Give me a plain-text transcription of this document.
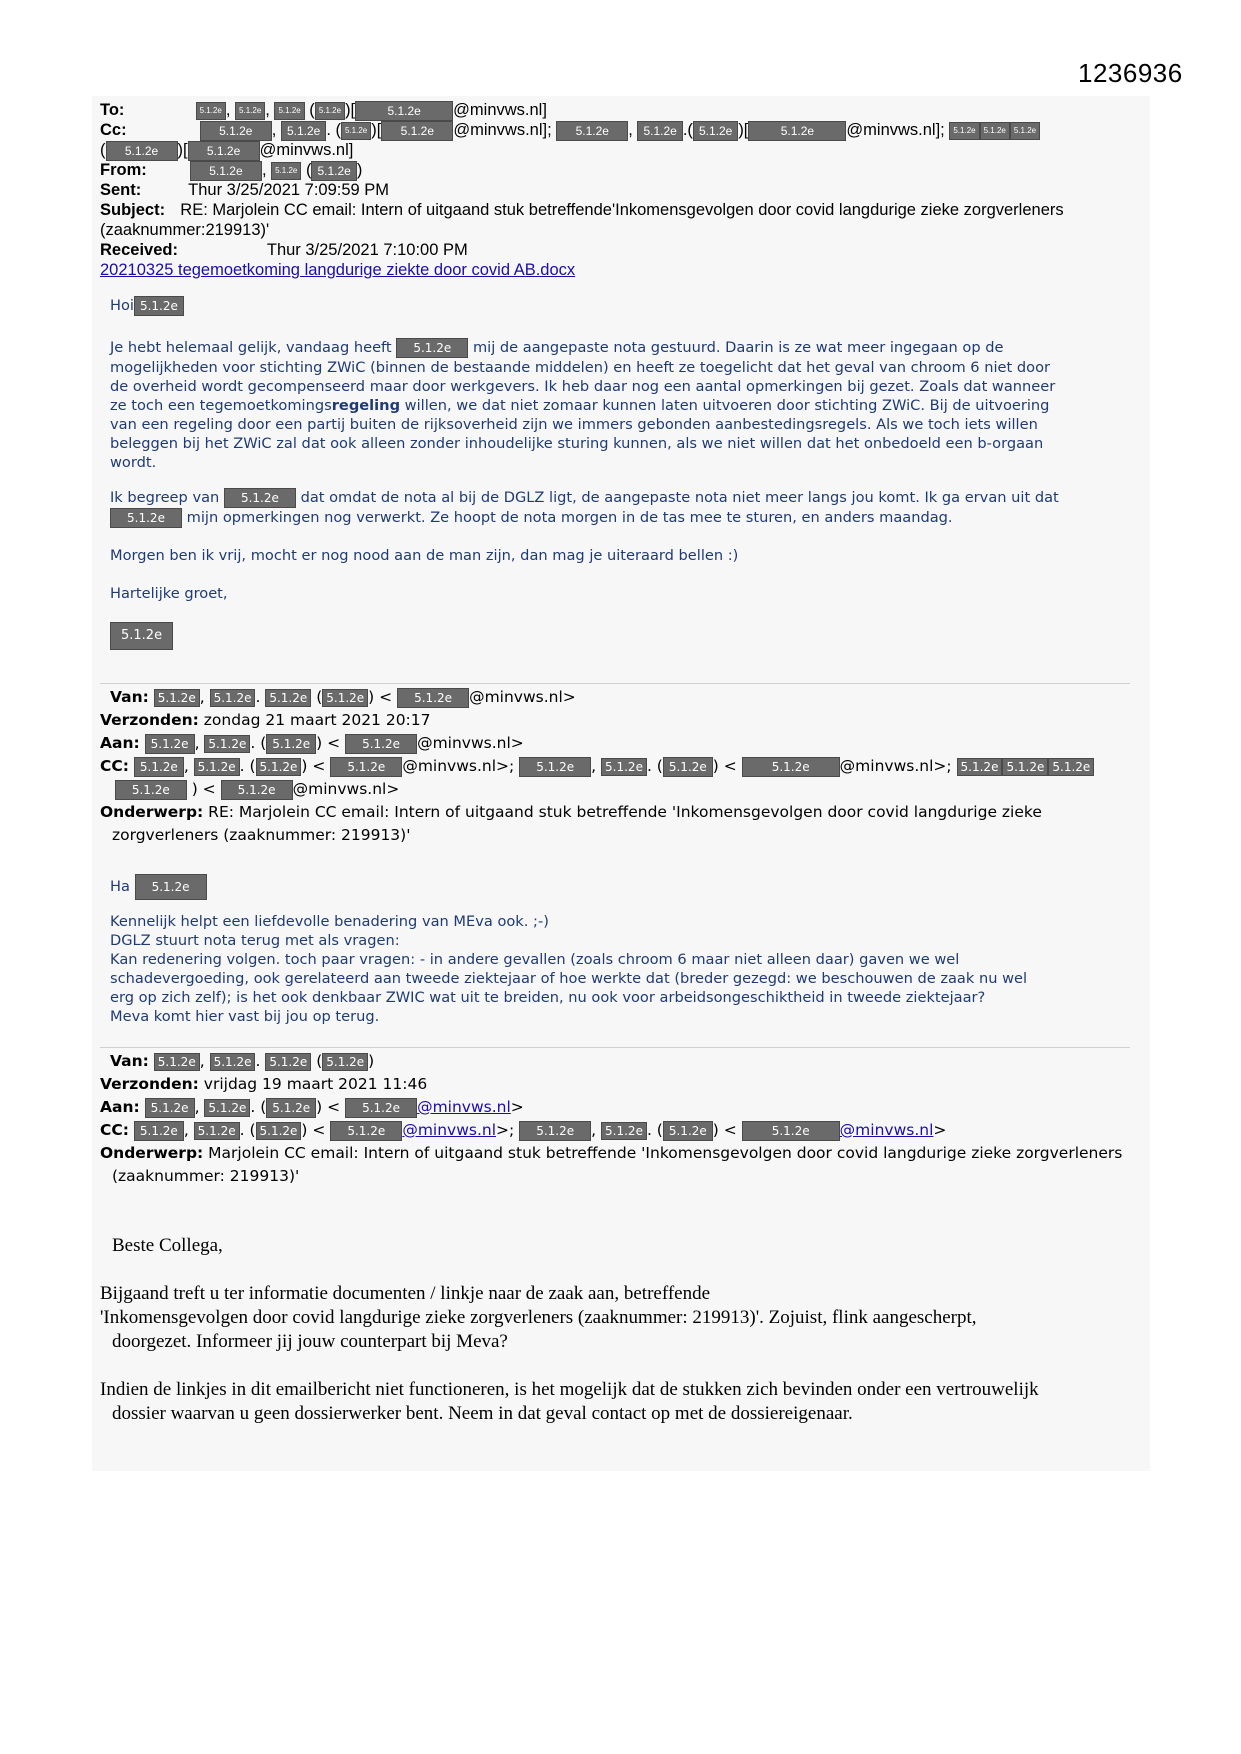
1236936
To:	5.1.2e , 5.1.2e , 5.1.2e ( 5.1.2e )[	5.1.2e @minvws.nl]
Cc:	5.1.2e , 5.1.2e . ( 5.1.2e )[ 5.1.2e @minvws.nl]; 5.1.2e , 5.1.2e .( 5.1.2e )[	5.1.2e @minvws.nl]; 5.1.2e 5.1.2e 5.1.2e
( 5.1.2e )[ 5.1.2e @minvws.nl]
From:	5.1.2e , 5.1.2e ( 5.1.2e )
Sent:	Thur 3/25/2021 7:09:59 PM
Subject: RE: Marjolein CC email: Intern of uitgaand stuk betreffende'Inkomensgevolgen door covid langdurige zieke zorgverleners
(zaaknummer:219913)'
Received:	Thur 3/25/2021 7:10:00 PM
20210325 tegemoetkoming langdurige ziekte door covid AB.docx
Hoi 5.1.2e

Je hebt helemaal gelijk, vandaag heeft 5.1.2e mij de aangepaste nota gestuurd. Daarin is ze wat meer ingegaan op de

mogelijkheden voor stichting ZWiC (binnen de bestaande middelen) en heeft ze toegelicht dat het geval van chroom 6 niet door

de overheid wordt gecompenseerd maar door werkgevers. Ik heb daar nog een aantal opmerkingen bij gezet. Zoals dat wanneer

ze toch een tegemoetkomingsregeling willen, we dat niet zomaar kunnen laten uitvoeren door stichting ZWiC. Bij de uitvoering

van een regeling door een partij buiten de rijksoverheid zijn we immers gebonden aanbestedingsregels. Als we toch iets willen

beleggen bij het ZWiC zal dat ook alleen zonder inhoudelijke sturing kunnen, als we niet willen dat het onbedoeld een b-orgaan

wordt.

Ik begreep van 5.1.2e dat omdat de nota al bij de DGLZ ligt, de aangepaste nota niet meer langs jou komt. Ik ga ervan uit dat

5.1.2e mijn opmerkingen nog verwerkt. Ze hoopt de nota morgen in de tas mee te sturen, en anders maandag.

Morgen ben ik vrij, mocht er nog nood aan de man zijn, dan mag je uiteraard bellen :)
Hartelijke groet,
5.1.2e
Van: 5.1.2e , 5.1.2e . 5.1.2e ( 5.1.2e ) < 5.1.2e @minvws.nl>
Verzonden: zondag 21 maart 2021 20:17
Aan: 5.1.2e , 5.1.2e . ( 5.1.2e ) < 5.1.2e @minvws.nl>
CC: 5.1.2e , 5.1.2e . ( 5.1.2e ) < 5.1.2e @minvws.nl>; 5.1.2e , 5.1.2e . ( 5.1.2e ) <	5.1.2e @minvws.nl>; 5.1.2e 5.1.2e 5.1.2e
5.1.2e ) < 5.1.2e @minvws.nl>
Onderwerp: RE: Marjolein CC email: Intern of uitgaand stuk betreffende 'Inkomensgevolgen door covid langdurige zieke
zorgverleners (zaaknummer: 219913)'
Ha 5.1.2e

Kennelijk helpt een liefdevolle benadering van MEva ook. ;-)

DGLZ stuurt nota terug met als vragen:

Kan redenering volgen. toch paar vragen: - in andere gevallen (zoals chroom 6 maar niet alleen daar) gaven we wel

schadevergoeding, ook gerelateerd aan tweede ziektejaar of hoe werkte dat (breder gezegd: we beschouwen de zaak nu wel

erg op zich zelf); is het ook denkbaar ZWIC wat uit te breiden, nu ook voor arbeidsongeschiktheid in tweede ziektejaar?

Meva komt hier vast bij jou op terug.

Van: 5.1.2e , 5.1.2e . 5.1.2e ( 5.1.2e )
Verzonden: vrijdag 19 maart 2021 11:46
Aan: 5.1.2e , 5.1.2e . ( 5.1.2e ) < 5.1.2e @minvws.nl>
CC: 5.1.2e , 5.1.2e . ( 5.1.2e ) < 5.1.2e @minvws.nl>; 5.1.2e , 5.1.2e . ( 5.1.2e ) <	5.1.2e @minvws.nl>
Onderwerp: Marjolein CC email: Intern of uitgaand stuk betreffende 'Inkomensgevolgen door covid langdurige zieke zorgverleners
(zaaknummer: 219913)'
Beste Collega,
Bijgaand treft u ter informatie documenten / linkje naar de zaak aan, betreffende
'Inkomensgevolgen door covid langdurige zieke zorgverleners (zaaknummer: 219913)'. Zojuist, flink aangescherpt,
doorgezet. Informeer jij jouw counterpart bij Meva?
Indien de linkjes in dit emailbericht niet functioneren, is het mogelijk dat de stukken zich bevinden onder een vertrouwelijk
dossier waarvan u geen dossierwerker bent. Neem in dat geval contact op met de dossiereigenaar.
